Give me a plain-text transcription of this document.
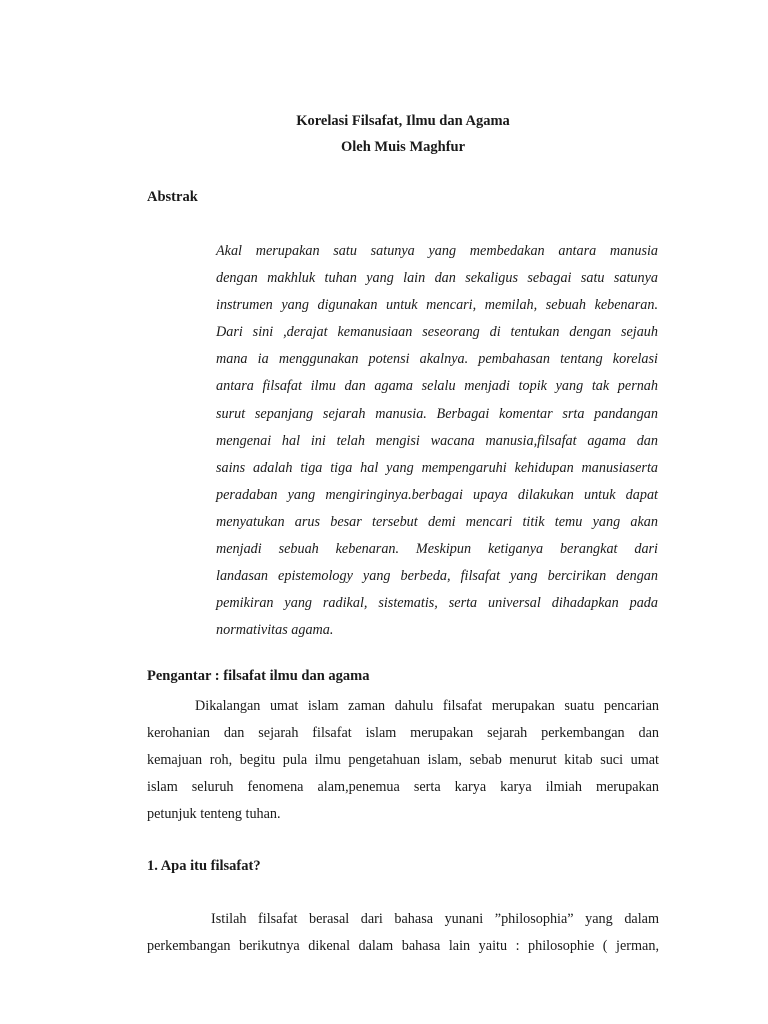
Korelasi Filsafat, Ilmu dan Agama
Oleh Muis Maghfur
Abstrak
Akal merupakan satu satunya yang membedakan antara manusia
dengan makhluk tuhan yang lain dan sekaligus sebagai satu satunya
instrumen yang digunakan untuk mencari, memilah, sebuah kebenaran.
Dari sini ,derajat kemanusiaan seseorang di tentukan dengan sejauh
mana ia menggunakan potensi akalnya. pembahasan tentang korelasi
antara filsafat ilmu dan agama selalu menjadi topik yang tak pernah
surut sepanjang sejarah manusia. Berbagai komentar srta pandangan
mengenai hal ini telah mengisi wacana manusia,filsafat agama dan
sains adalah tiga tiga hal yang mempengaruhi kehidupan manusiaserta
peradaban yang mengiringinya.berbagai upaya dilakukan untuk dapat
menyatukan arus besar tersebut demi mencari titik temu yang akan
menjadi sebuah kebenaran. Meskipun ketiganya berangkat dari
landasan epistemology yang berbeda, filsafat yang bercirikan dengan
pemikiran yang radikal, sistematis, serta universal dihadapkan pada
normativitas agama.
Pengantar : filsafat ilmu dan agama
Dikalangan umat islam zaman dahulu filsafat merupakan suatu pencarian
kerohanian dan sejarah filsafat islam merupakan sejarah perkembangan dan
kemajuan roh, begitu pula ilmu pengetahuan islam, sebab menurut kitab suci umat
islam seluruh fenomena alam,penemua serta karya karya ilmiah merupakan
petunjuk tenteng tuhan.
1. Apa itu filsafat?
Istilah filsafat berasal dari bahasa yunani ”philosophia” yang dalam
perkembangan berikutnya dikenal dalam bahasa lain yaitu : philosophie ( jerman,
